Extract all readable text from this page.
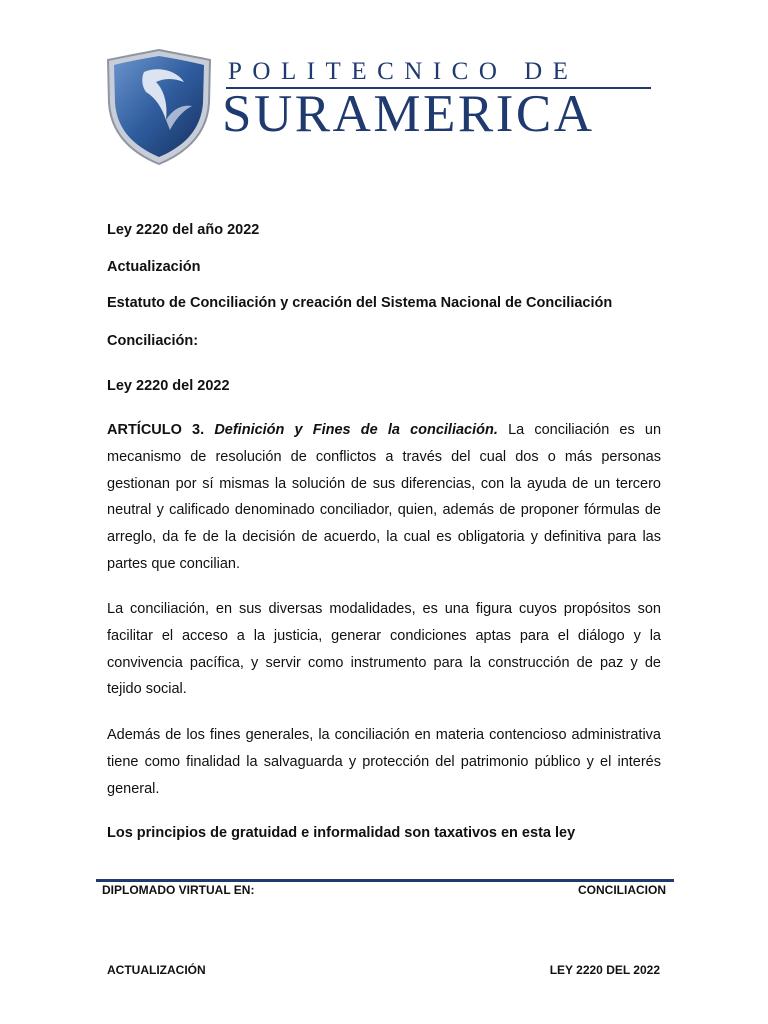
POLITECNICO DE
SURAMERICA
Ley 2220 del año 2022
Actualización
Estatuto de Conciliación y creación del Sistema Nacional de Conciliación
Conciliación:
Ley 2220 del 2022
ARTÍCULO 3. Definición y Fines de la conciliación. La conciliación es un mecanismo de resolución de conflictos a través del cual dos o más personas gestionan por sí mismas la solución de sus diferencias, con la ayuda de un tercero neutral y calificado denominado conciliador, quien, además de proponer fórmulas de arreglo, da fe de la decisión de acuerdo, la cual es obligatoria y definitiva para las partes que concilian.
La conciliación, en sus diversas modalidades, es una figura cuyos propósitos son facilitar el acceso a la justicia, generar condiciones aptas para el diálogo y la convivencia pacífica, y servir como instrumento para la construcción de paz y de tejido social.
Además de los fines generales, la conciliación en materia contencioso administrativa tiene como finalidad la salvaguarda y protección del patrimonio público y el interés general.
Los principios de gratuidad e informalidad son taxativos en esta ley
DIPLOMADO VIRTUAL EN:	CONCILIACION
ACTUALIZACIÓN	LEY 2220 DEL 2022
